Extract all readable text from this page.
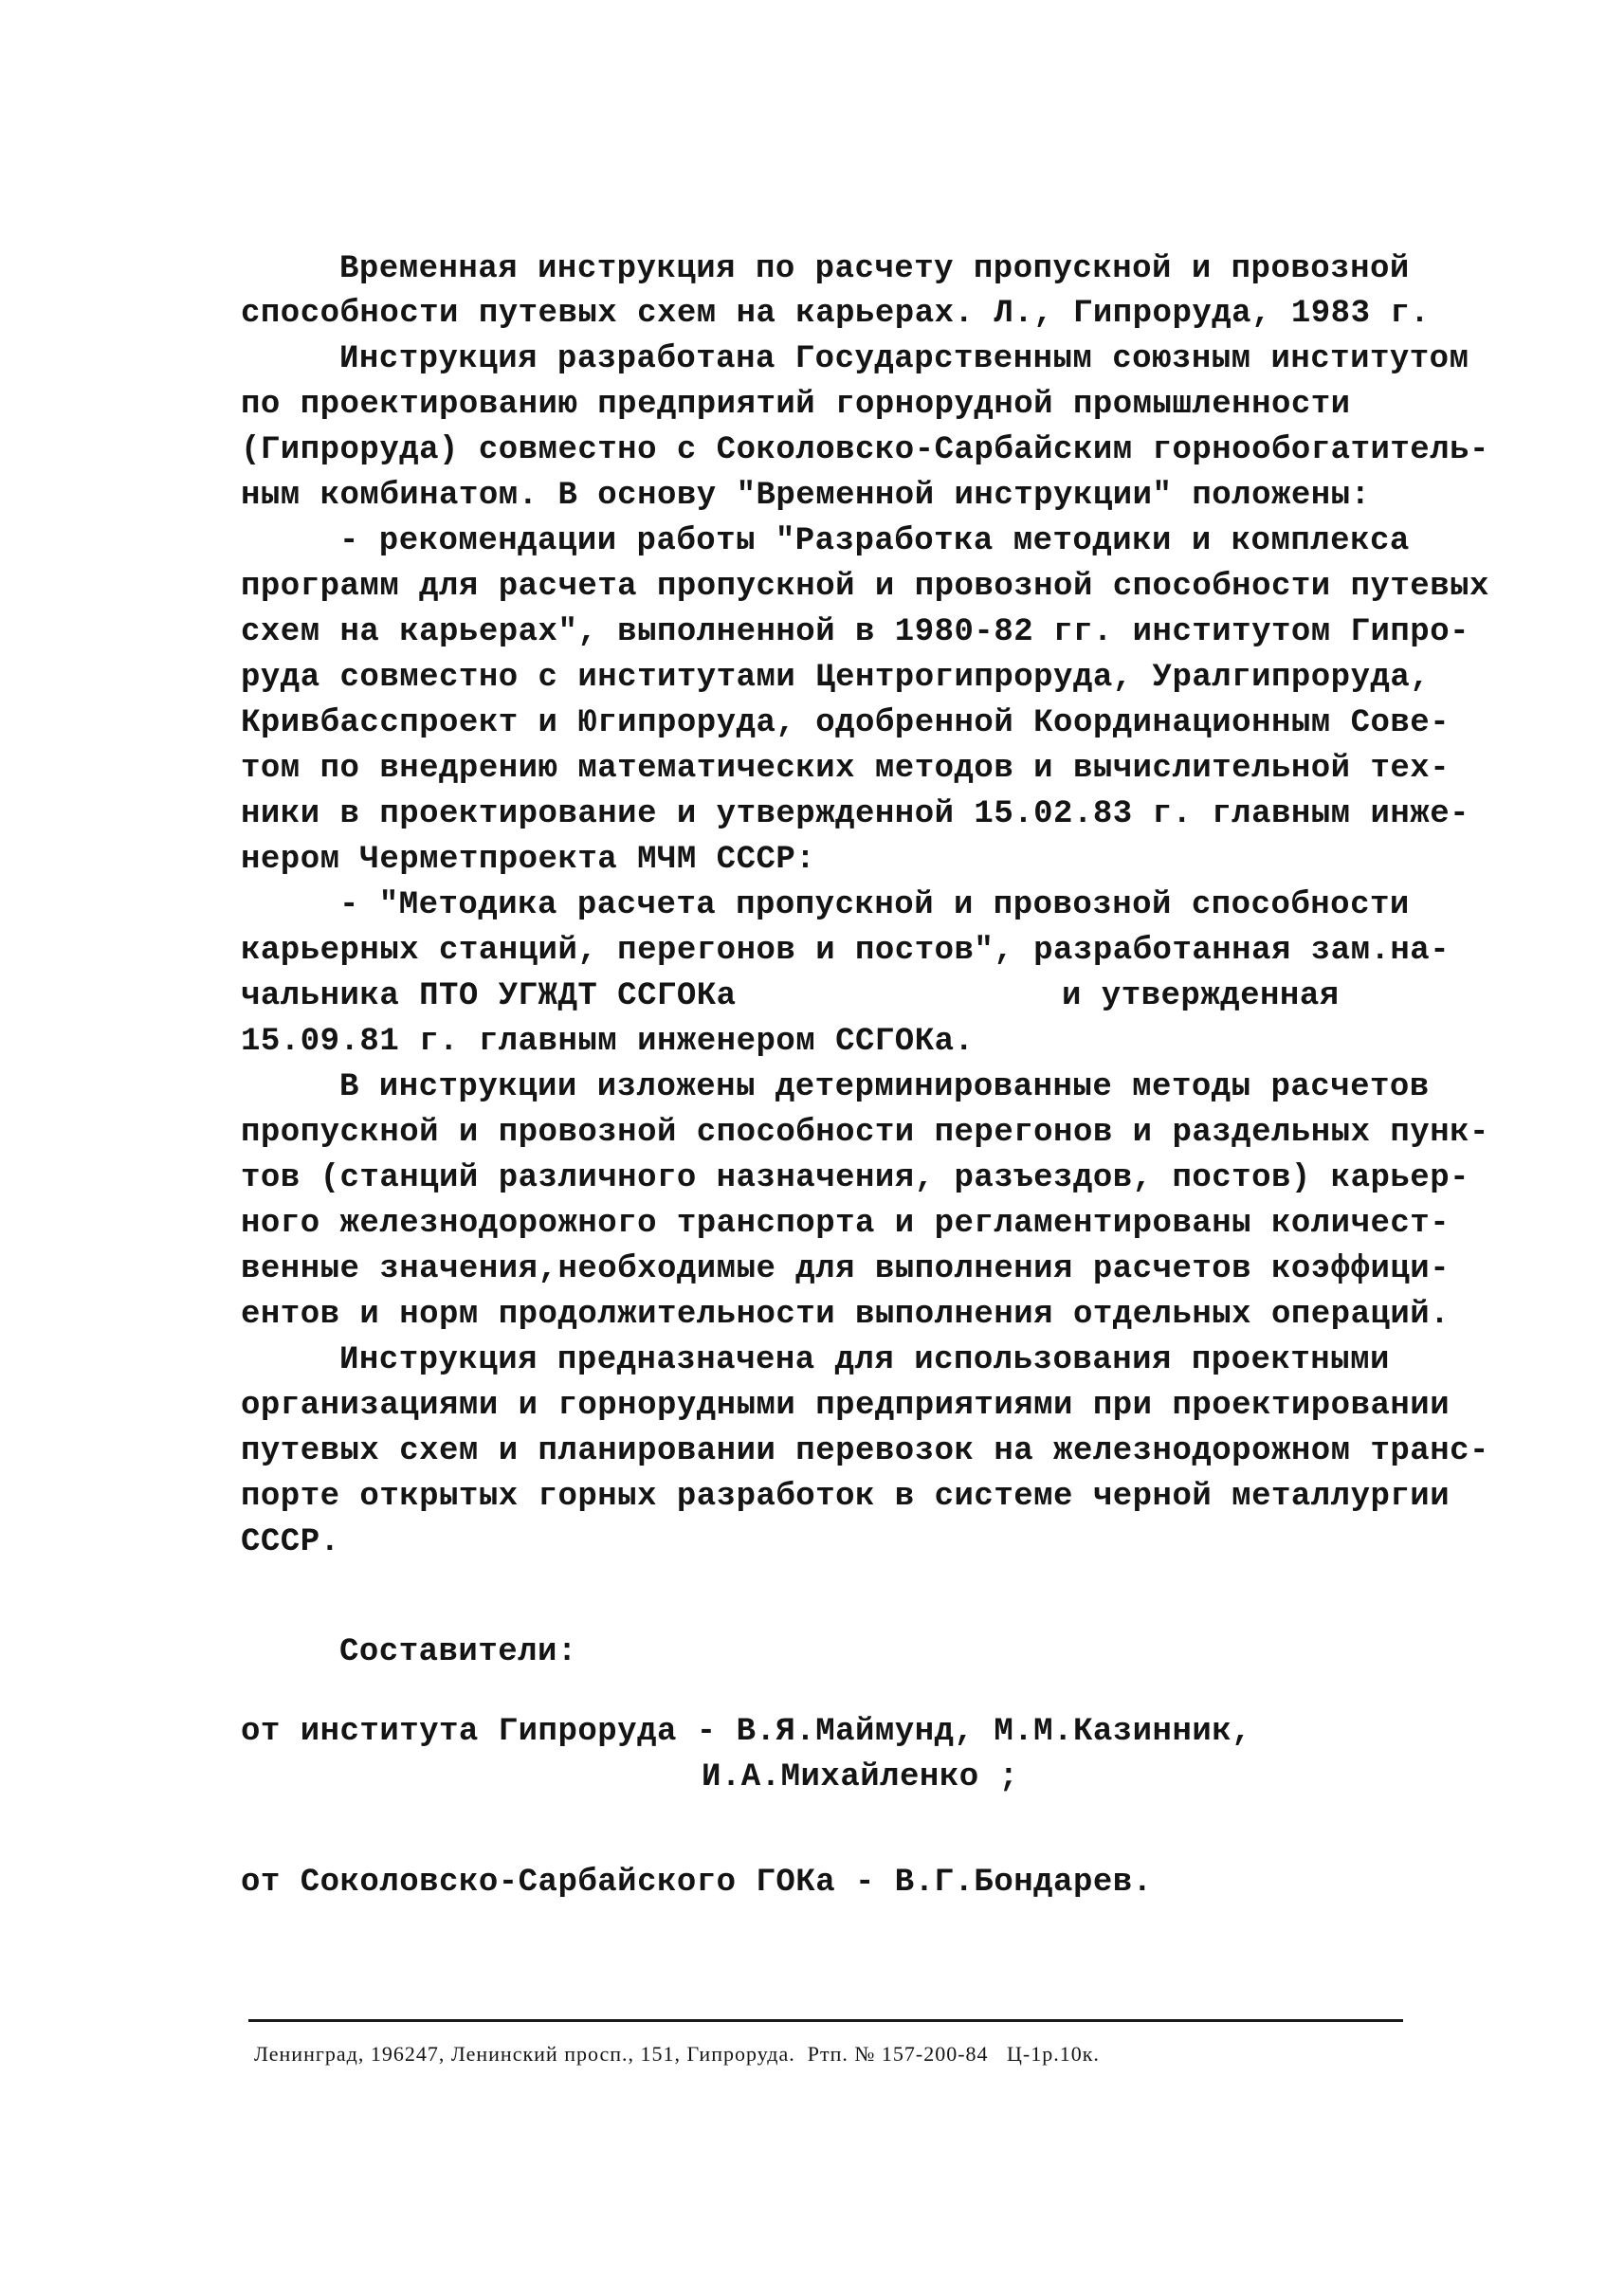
Временная инструкция по расчету пропускной и провозной
способности путевых схем на карьерах. Л., Гипроруда, 1983 г.
Инструкция разработана Государственным союзным институтом
по проектированию предприятий горнорудной промышленности
(Гипроруда) совместно с Соколовско-Сарбайским горнообогатитель-
ным комбинатом. В основу "Временной инструкции" положены:
- рекомендации работы "Разработка методики и комплекса
программ для расчета пропускной и провозной способности путевых
схем на карьерах", выполненной в 1980-82 гг. институтом Гипро-
руда совместно с институтами Центрогипроруда, Уралгипроруда,
Кривбасспроект и Югипроруда, одобренной Координационным Сове-
том по внедрению математических методов и вычислительной тех-
ники в проектирование и утвержденной 15.02.83 г. главным инже-
нером Черметпроекта МЧМ СССР:
- "Методика расчета пропускной и провозной способности
карьерных станций, перегонов и постов", разработанная зам.на-
чальника ПТО УГЖДТ ССГОКа	и утвержденная
15.09.81 г. главным инженером ССГОКа.
В инструкции изложены детерминированные методы расчетов
пропускной и провозной способности перегонов и раздельных пунк-
тов (станций различного назначения, разъездов, постов) карьер-
ного железнодорожного транспорта и регламентированы количест-
венные значения,необходимые для выполнения расчетов коэффици-
ентов и норм продолжительности выполнения отдельных операций.
Инструкция предназначена для использования проектными
организациями и горнорудными предприятиями при проектировании
путевых схем и планировании перевозок на железнодорожном транс-
порте открытых горных разработок в системе черной металлургии
СССР.
Составители:
от института Гипроруда - В.Я.Маймунд, М.М.Казинник,
И.А.Михайленко ;
от Соколовско-Сарбайского ГОКа - В.Г.Бондарев.
Ленинград, 196247, Ленинский просп., 151, Гипроруда.  Ртп. № 157-200-84   Ц-1р.10к.
